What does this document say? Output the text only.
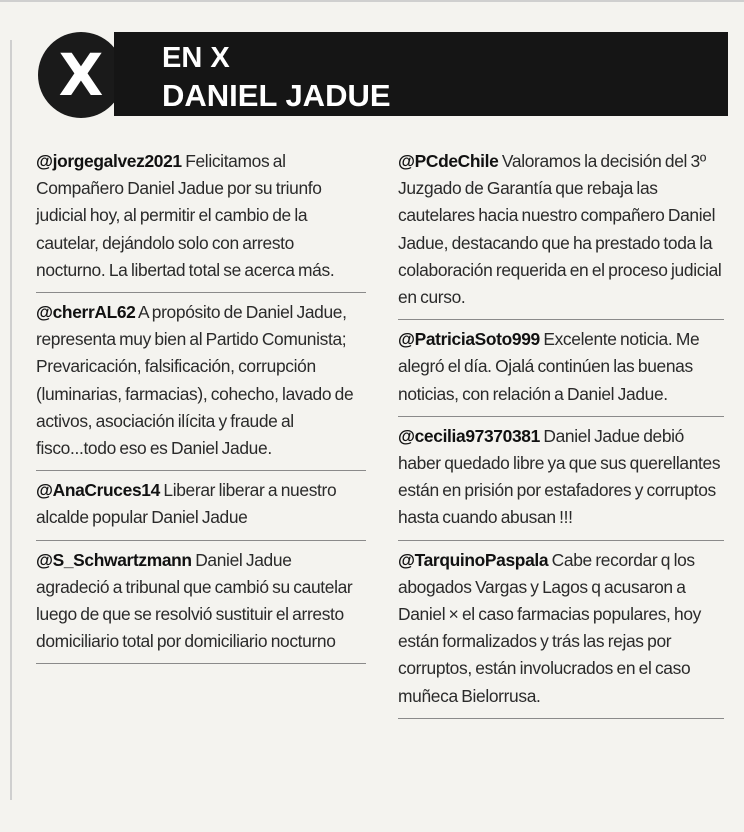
X EN X
DANIEL JADUE
@jorgegalvez2021 Felicitamos al Compañero Daniel Jadue por su triunfo judicial hoy, al permitir el cambio de la cautelar, dejándolo solo con arresto nocturno. La libertad total se acerca más.
@cherrAL62 A propósito de Daniel Jadue, representa muy bien al Partido Comunista; Prevaricación, falsificación, corrupción (luminarias, farmacias), cohecho, lavado de activos, asociación ilícita y fraude al fisco...todo eso es Daniel Jadue.
@AnaCruces14 Liberar liberar a nuestro alcalde popular Daniel Jadue
@S_Schwartzmann Daniel Jadue agradeció a tribunal que cambió su cautelar luego de que se resolvió sustituir el arresto domiciliario total por domiciliario nocturno
@PCdeChile Valoramos la decisión del 3º Juzgado de Garantía que rebaja las cautelares hacia nuestro compañero Daniel Jadue, destacando que ha prestado toda la colaboración requerida en el proceso judicial en curso.
@PatriciaSoto999 Excelente noticia. Me alegró el día. Ojalá continúen las buenas noticias, con relación a Daniel Jadue.
@cecilia97370381 Daniel Jadue debió haber quedado libre ya que sus querellantes están en prisión por estafadores y corruptos hasta cuando abusan !!!
@TarquinoPaspala Cabe recordar q los abogados Vargas y Lagos q acusaron a Daniel × el caso farmacias populares, hoy están formalizados y trás las rejas por corruptos, están involucrados en el caso muñeca Bielorrusa.
